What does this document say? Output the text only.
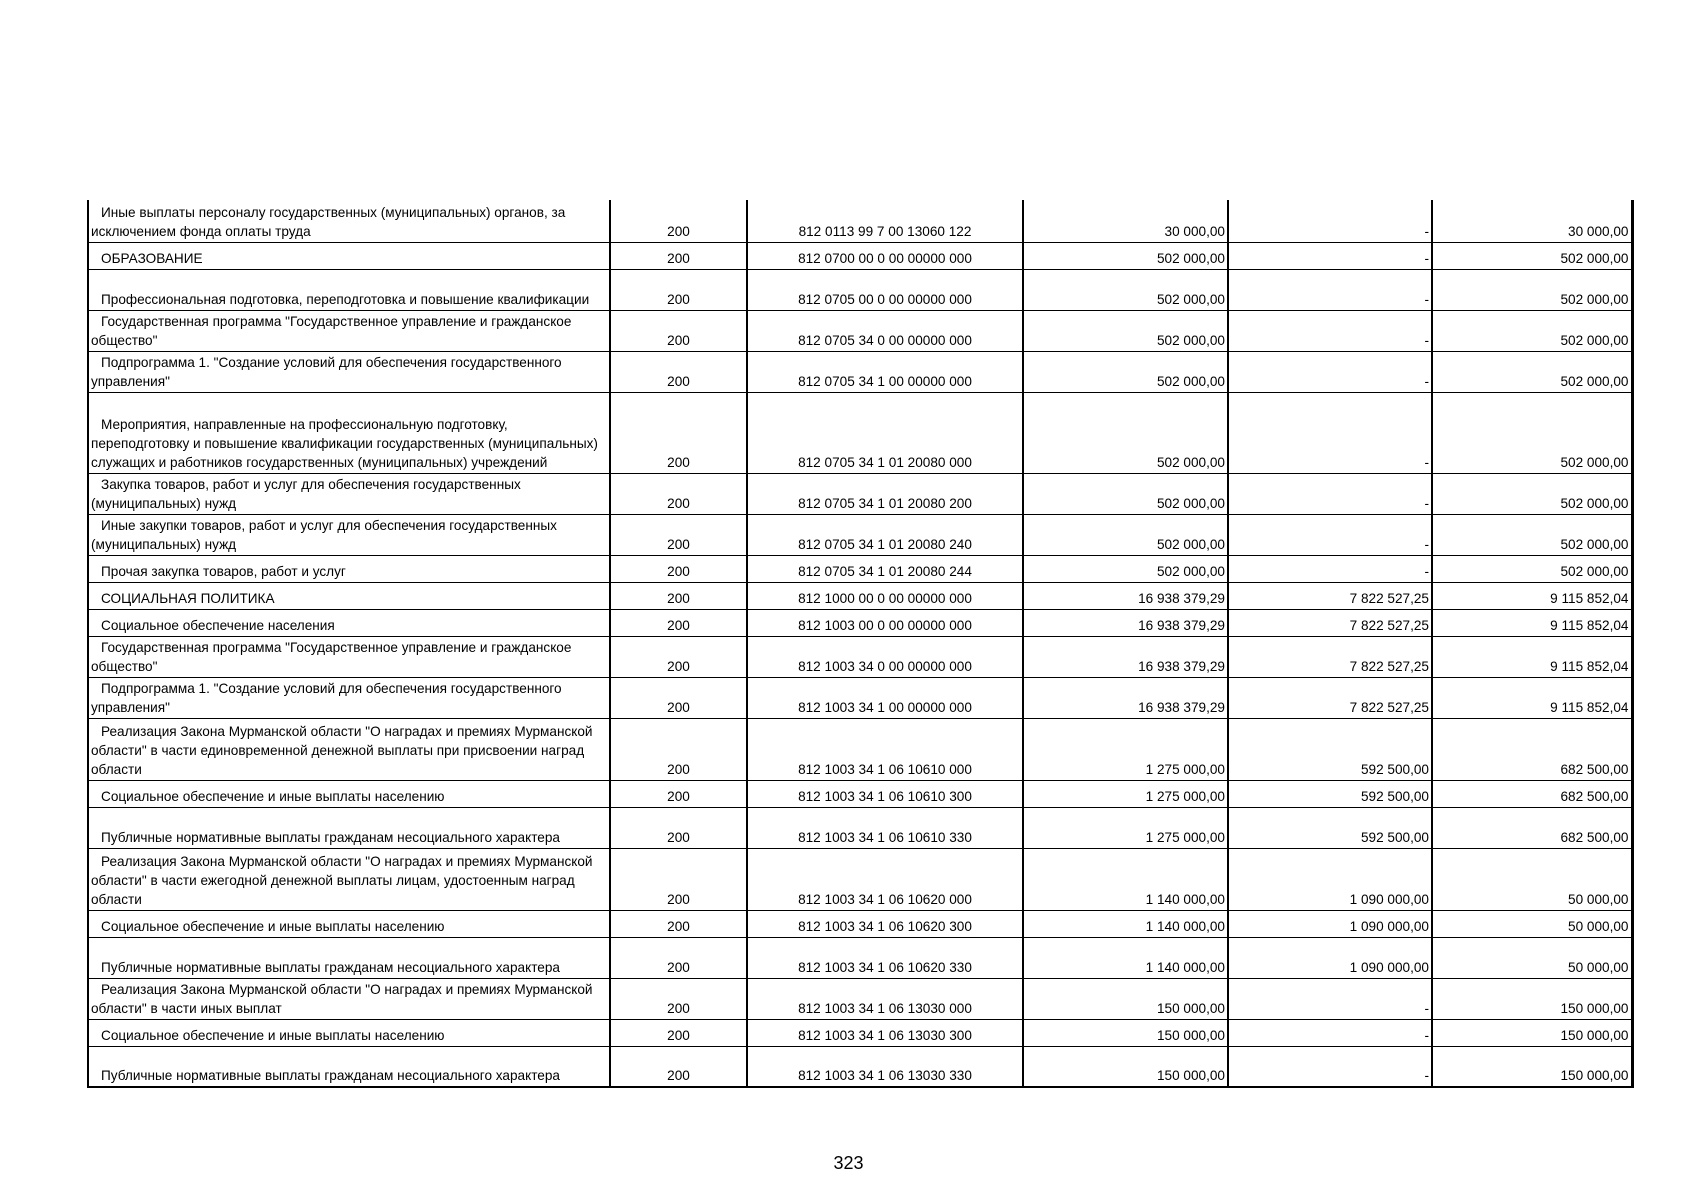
Иные выплаты персоналу государственных (муниципальных) органов, за исключением фонда оплаты труда	200	812 0113 99 7 00 13060 122	30 000,00	-	30 000,00

ОБРАЗОВАНИЕ	200	812 0700 00 0 00 00000 000	502 000,00	-	502 000,00

Профессиональная подготовка, переподготовка и повышение квалификации	200	812 0705 00 0 00 00000 000	502 000,00	-	502 000,00

Государственная программа "Государственное управление и гражданское общество"	200	812 0705 34 0 00 00000 000	502 000,00	-	502 000,00

Подпрограмма 1. "Создание условий для обеспечения государственного управления"	200	812 0705 34 1 00 00000 000	502 000,00	-	502 000,00

Мероприятия, направленные на профессиональную подготовку, переподготовку и повышение квалификации государственных (муниципальных) служащих и работников государственных (муниципальных) учреждений	200	812 0705 34 1 01 20080 000	502 000,00	-	502 000,00

Закупка товаров, работ и услуг для обеспечения государственных (муниципальных) нужд	200	812 0705 34 1 01 20080 200	502 000,00	-	502 000,00

Иные закупки товаров, работ и услуг для обеспечения государственных (муниципальных) нужд	200	812 0705 34 1 01 20080 240	502 000,00	-	502 000,00

Прочая закупка товаров, работ и услуг	200	812 0705 34 1 01 20080 244	502 000,00	-	502 000,00

СОЦИАЛЬНАЯ ПОЛИТИКА	200	812 1000 00 0 00 00000 000	16 938 379,29	7 822 527,25	9 115 852,04

Социальное обеспечение населения	200	812 1003 00 0 00 00000 000	16 938 379,29	7 822 527,25	9 115 852,04

Государственная программа "Государственное управление и гражданское общество"	200	812 1003 34 0 00 00000 000	16 938 379,29	7 822 527,25	9 115 852,04

Подпрограмма 1. "Создание условий для обеспечения государственного управления"	200	812 1003 34 1 00 00000 000	16 938 379,29	7 822 527,25	9 115 852,04

Реализация Закона Мурманской области "О наградах и премиях Мурманской области" в части единовременной денежной выплаты при присвоении наград области	200	812 1003 34 1 06 10610 000	1 275 000,00	592 500,00	682 500,00

Социальное обеспечение и иные выплаты населению	200	812 1003 34 1 06 10610 300	1 275 000,00	592 500,00	682 500,00

Публичные нормативные выплаты гражданам несоциального характера	200	812 1003 34 1 06 10610 330	1 275 000,00	592 500,00	682 500,00

Реализация Закона Мурманской области "О наградах и премиях Мурманской области" в части ежегодной денежной выплаты лицам, удостоенным наград области	200	812 1003 34 1 06 10620 000	1 140 000,00	1 090 000,00	50 000,00

Социальное обеспечение и иные выплаты населению	200	812 1003 34 1 06 10620 300	1 140 000,00	1 090 000,00	50 000,00

Публичные нормативные выплаты гражданам несоциального характера	200	812 1003 34 1 06 10620 330	1 140 000,00	1 090 000,00	50 000,00

Реализация Закона Мурманской области "О наградах и премиях Мурманской области" в части иных выплат	200	812 1003 34 1 06 13030 000	150 000,00	-	150 000,00

Социальное обеспечение и иные выплаты населению	200	812 1003 34 1 06 13030 300	150 000,00	-	150 000,00

Публичные нормативные выплаты гражданам несоциального характера	200	812 1003 34 1 06 13030 330	150 000,00	-	150 000,00
323
